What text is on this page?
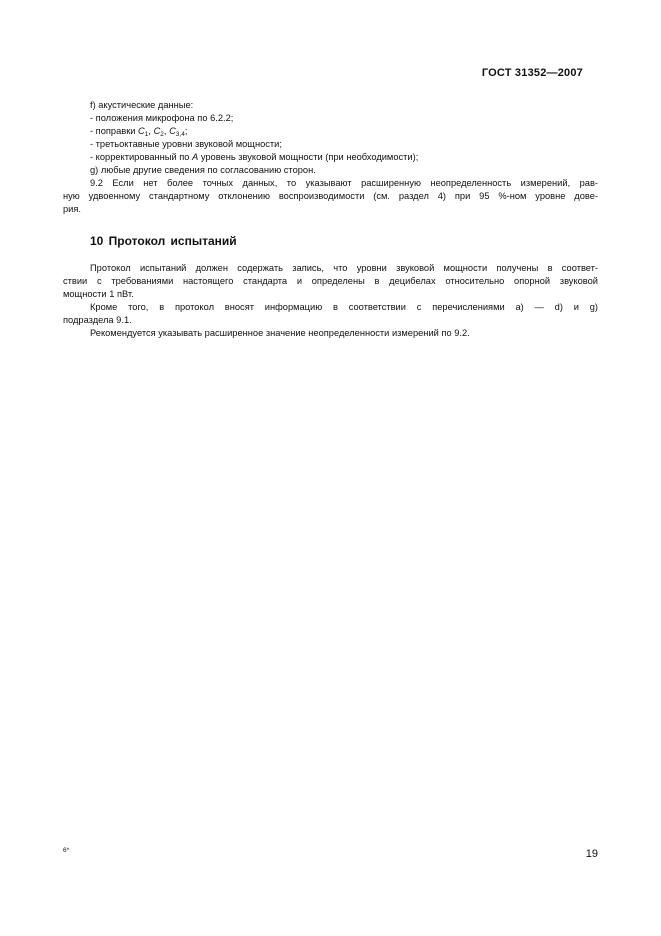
ГОСТ 31352—2007
f) акустические данные:
- положения микрофона по 6.2.2;
- поправки $C_1$, $C_2$, $C_{3,4}$;
- третьоктавные уровни звуковой мощности;
- корректированный по A уровень звуковой мощности (при необходимости);
g) любые другие сведения по согласованию сторон.
9.2 Если нет более точных данных, то указывают расширенную неопределенность измерений, рав-
ную удвоенному стандартному отклонению воспроизводимости (см. раздел 4) при 95 %-ном уровне дове-
рия.
10 Протокол испытаний
Протокол испытаний должен содержать запись, что уровни звуковой мощности получены в соответ-
ствии с требованиями настоящего стандарта и определены в децибелах относительно опорной звуковой
мощности 1 пВт.
Кроме того, в протокол вносят информацию в соответствии с перечислениями a) — d) и g)
подраздела 9.1.
Рекомендуется указывать расширенное значение неопределенности измерений по 9.2.
6*	19
